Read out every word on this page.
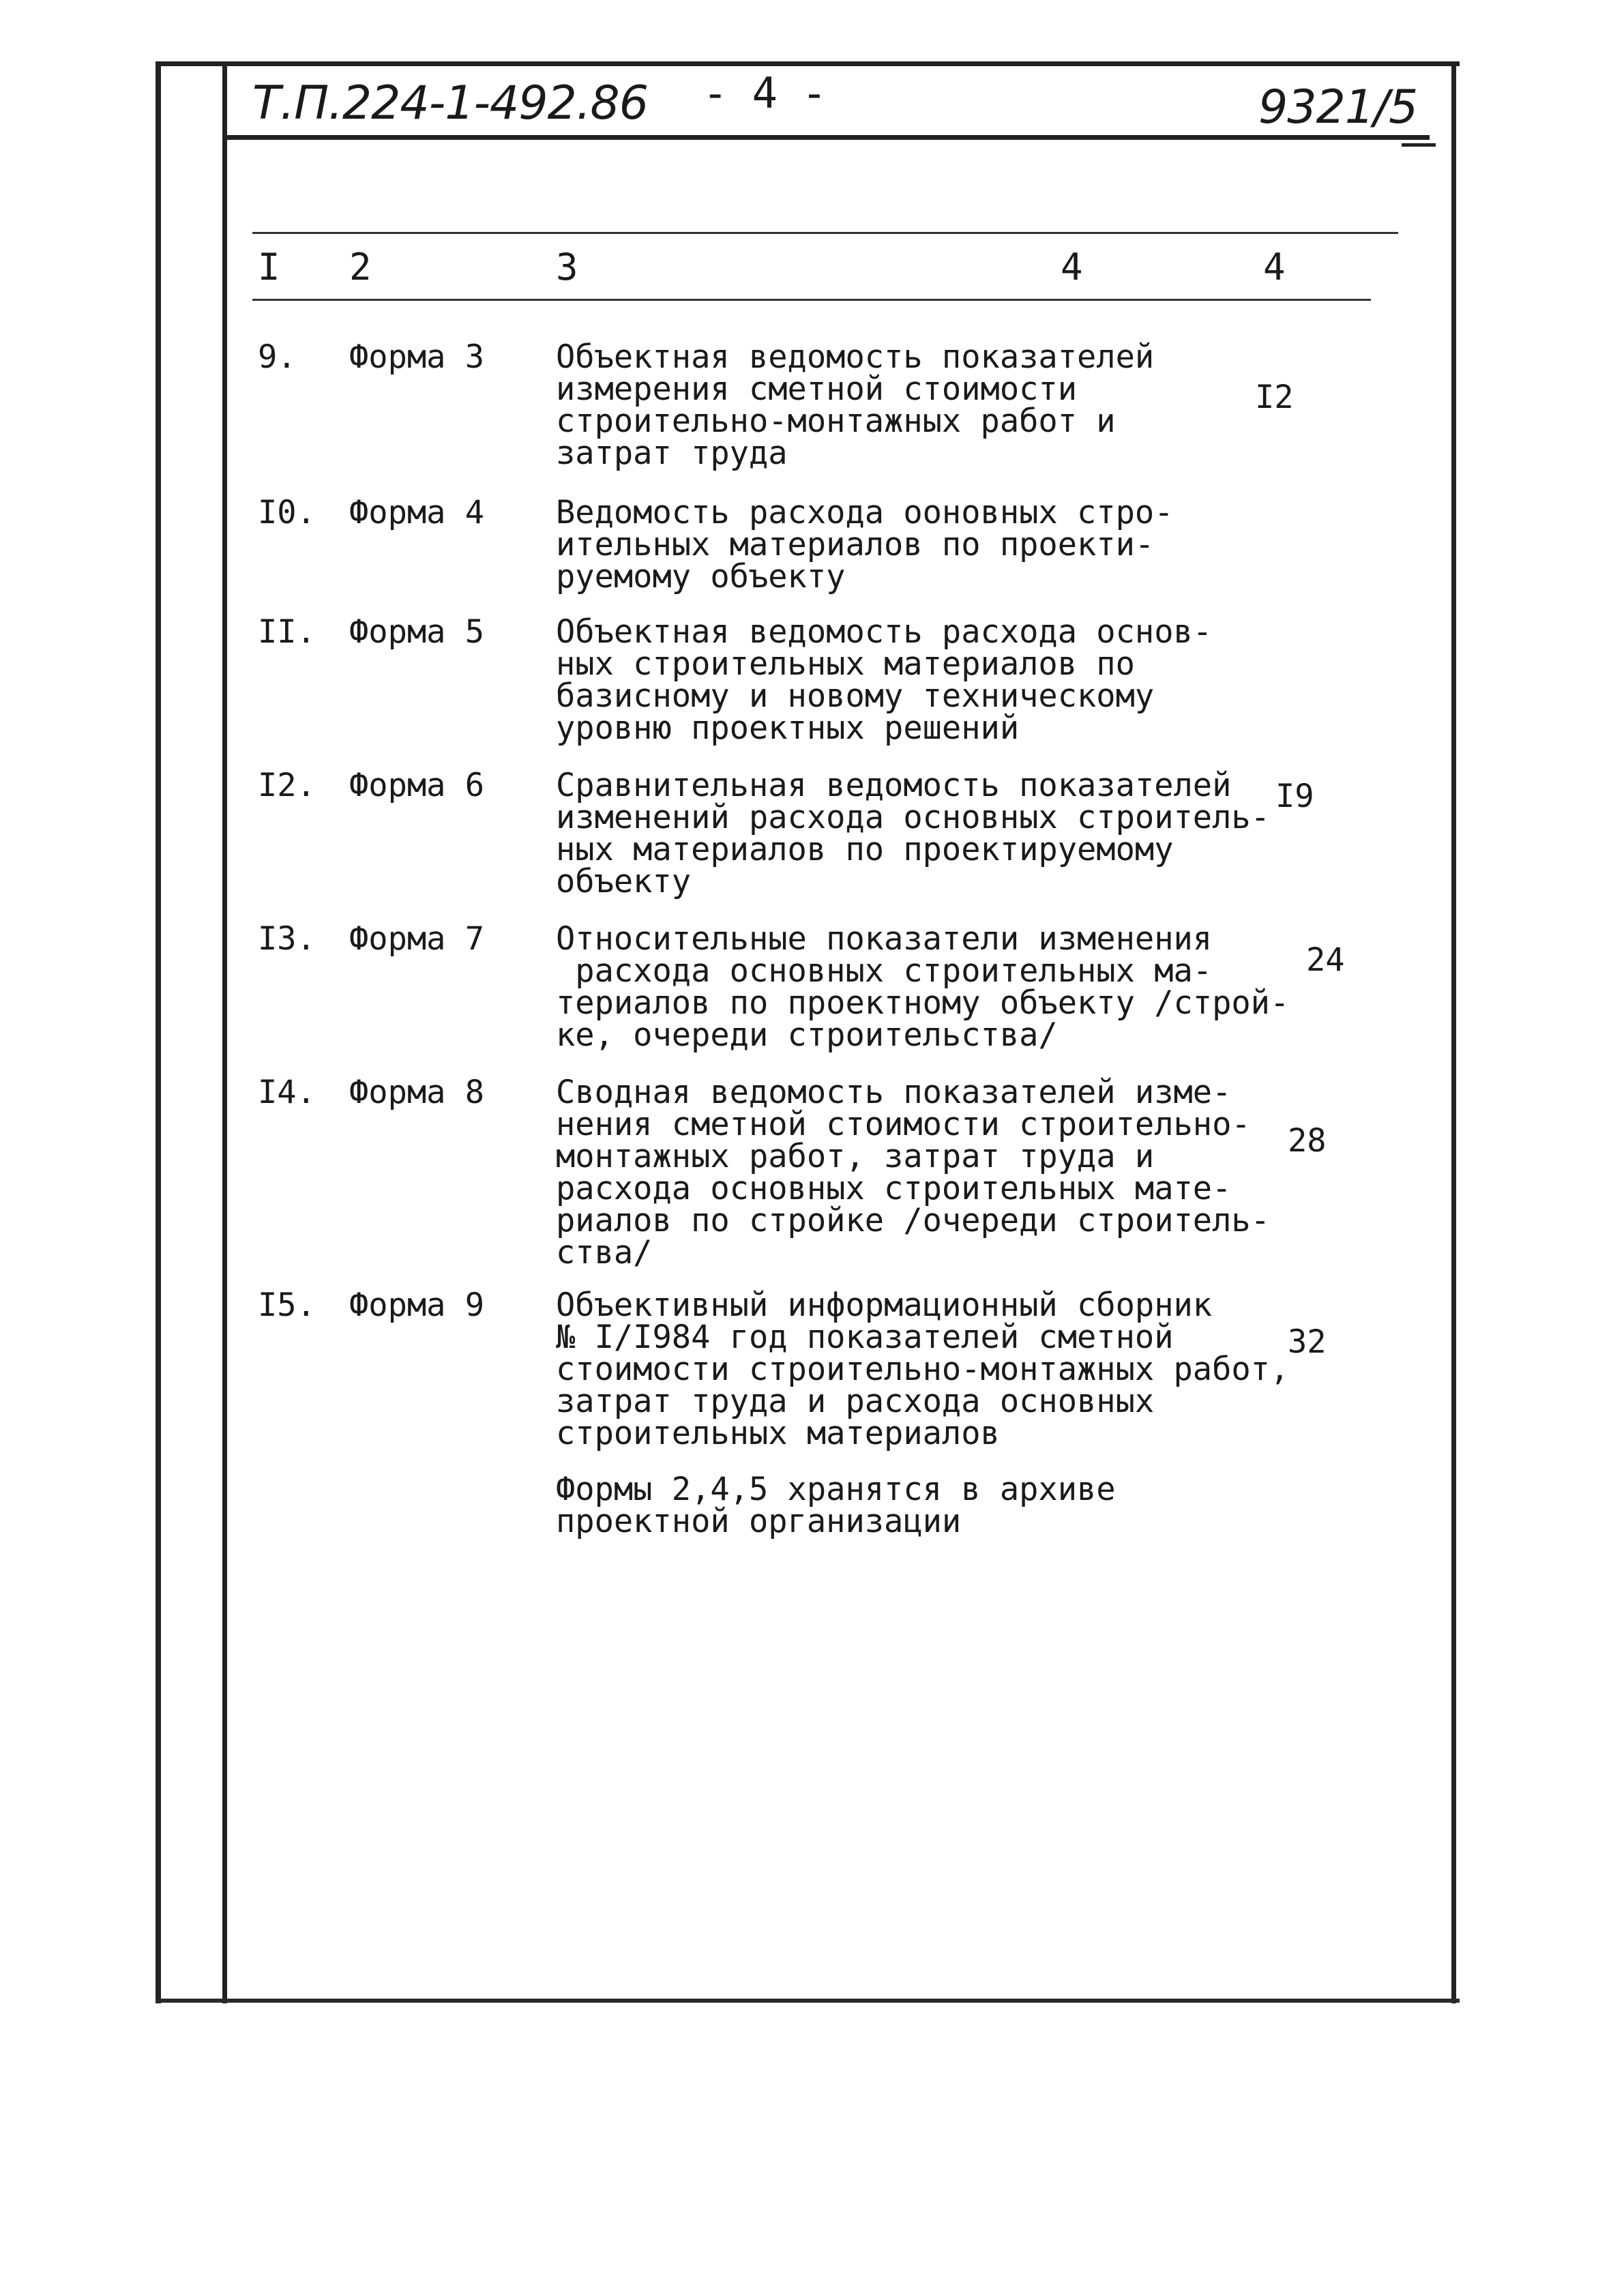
Т.П.224-1-492.86 - 4 -	9321/5
I 2	3	4	4
9. Форма 3 Объектная ведомость показателей
измерения сметной стоимости
строительно-монтажных работ и
затрат труда
I2
I0. Форма 4 Ведомость расхода ооновных стро-
ительных материалов по проекти-
руемому объекту
II. Форма 5 Объектная ведомость расхода основ-
ных строительных материалов по
базисному и новому техническому
уровню проектных решений
I2. Форма 6 Сравнительная ведомость показателей
изменений расхода основных строитель-
ных материалов по проектируемому
объекту
I9
I3. Форма 7 Относительные показатели изменения
расхода основных строительных ма-
териалов по проектному объекту /строй-
ке, очереди строительства/
24
I4. Форма 8 Сводная ведомость показателей изме-
нения сметной стоимости строительно-
монтажных работ, затрат труда и
расхода основных строительных мате-
риалов по стройке /очереди строитель-
ства/
28
I5. Форма 9 Объективный информационный сборник
№ I/I984 год показателей сметной
стоимости строительно-монтажных работ,
затрат труда и расхода основных
строительных материалов
32
Формы 2,4,5 хранятся в архиве
проектной организации
